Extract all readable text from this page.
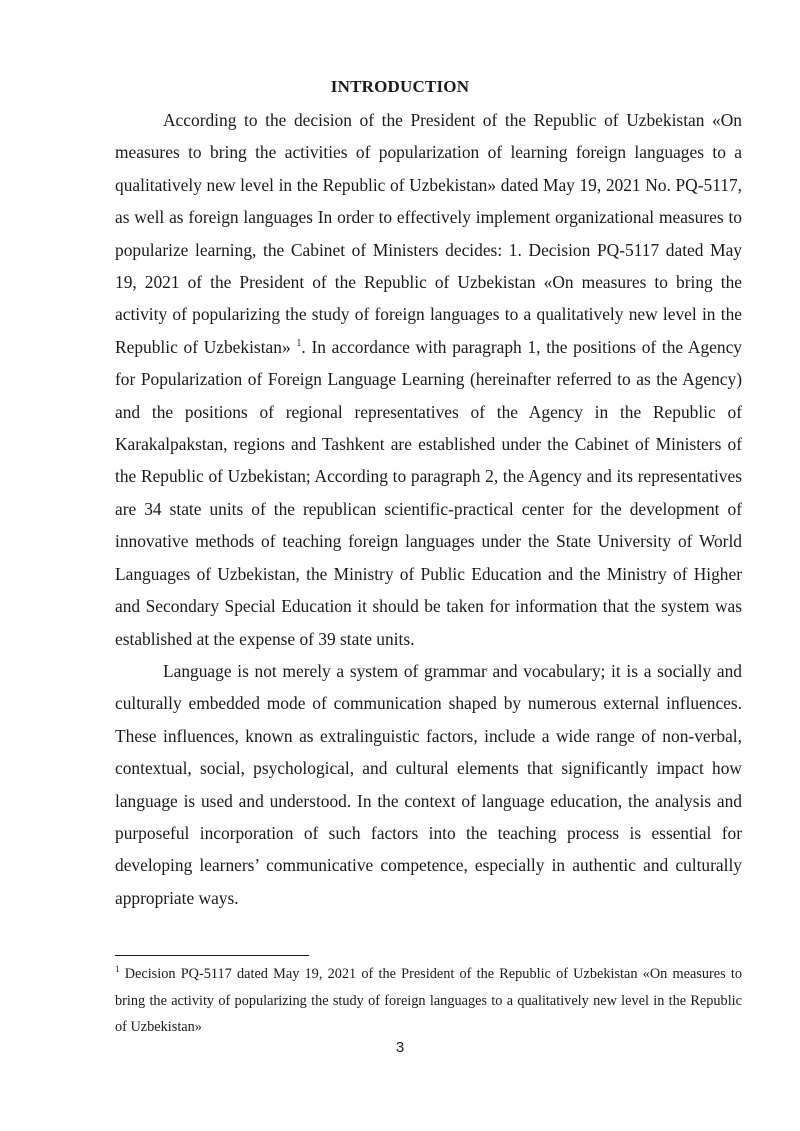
INTRODUCTION

According to the decision of the President of the Republic of Uzbekistan «On measures to bring the activities of popularization of learning foreign languages to a qualitatively new level in the Republic of Uzbekistan» dated May 19, 2021 No. PQ-5117, as well as foreign languages In order to effectively implement organizational measures to popularize learning, the Cabinet of Ministers decides: 1. Decision PQ-5117 dated May 19, 2021 of the President of the Republic of Uzbekistan «On measures to bring the activity of popularizing the study of foreign languages to a qualitatively new level in the Republic of Uzbekistan» $^1$. In accordance with paragraph 1, the positions of the Agency for Popularization of Foreign Language Learning (hereinafter referred to as the Agency) and the positions of regional representatives of the Agency in the Republic of Karakalpakstan, regions and Tashkent are established under the Cabinet of Ministers of the Republic of Uzbekistan; According to paragraph 2, the Agency and its representatives are 34 state units of the republican scientific-practical center for the development of innovative methods of teaching foreign languages under the State University of World Languages of Uzbekistan, the Ministry of Public Education and the Ministry of Higher and Secondary Special Education it should be taken for information that the system was established at the expense of 39 state units.

Language is not merely a system of grammar and vocabulary; it is a socially and culturally embedded mode of communication shaped by numerous external influences. These influences, known as extralinguistic factors, include a wide range of non-verbal, contextual, social, psychological, and cultural elements that significantly impact how language is used and understood. In the context of language education, the analysis and purposeful incorporation of such factors into the teaching process is essential for developing learners’ communicative competence, especially in authentic and culturally appropriate ways.

$^1$ Decision PQ-5117 dated May 19, 2021 of the President of the Republic of Uzbekistan «On measures to bring the activity of popularizing the study of foreign languages to a qualitatively new level in the Republic of Uzbekistan»
3
